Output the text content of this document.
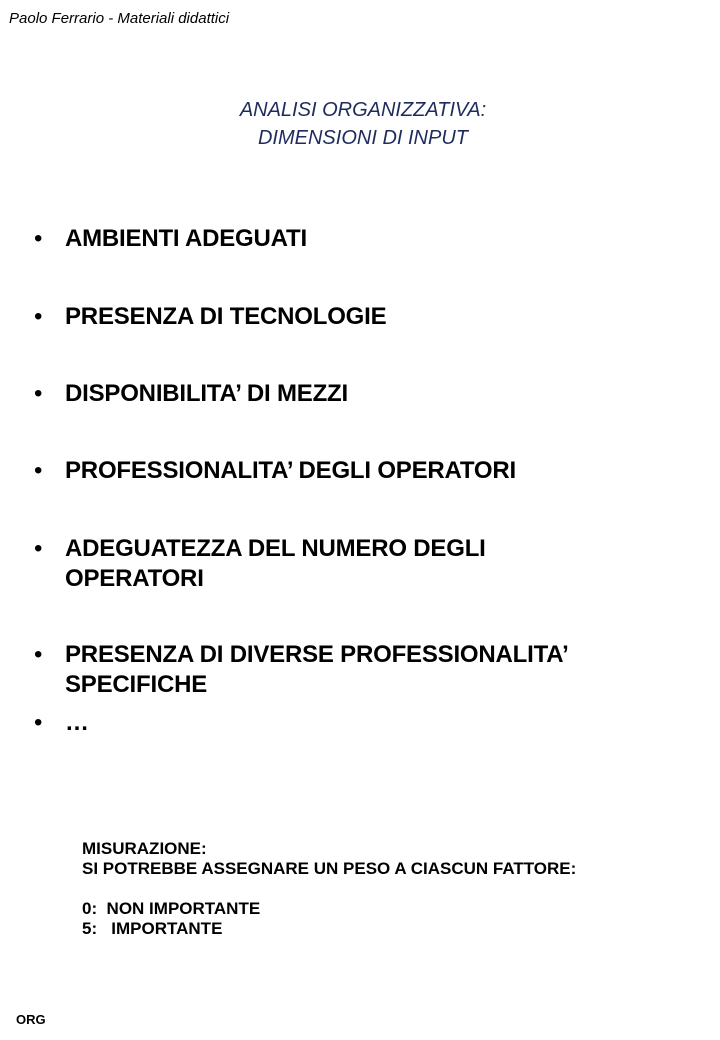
Paolo Ferrario - Materiali didattici
ANALISI ORGANIZZATIVA:
DIMENSIONI DI INPUT
• AMBIENTI ADEGUATI
• PRESENZA DI TECNOLOGIE
• DISPONIBILITA’ DI MEZZI
• PROFESSIONALITA’ DEGLI OPERATORI
• ADEGUATEZZA DEL NUMERO DEGLI OPERATORI
• PRESENZA DI DIVERSE PROFESSIONALITA’ SPECIFICHE
• …
MISURAZIONE:
SI POTREBBE ASSEGNARE UN PESO A CIASCUN FATTORE:
0:  NON IMPORTANTE
5:   IMPORTANTE
ORG
